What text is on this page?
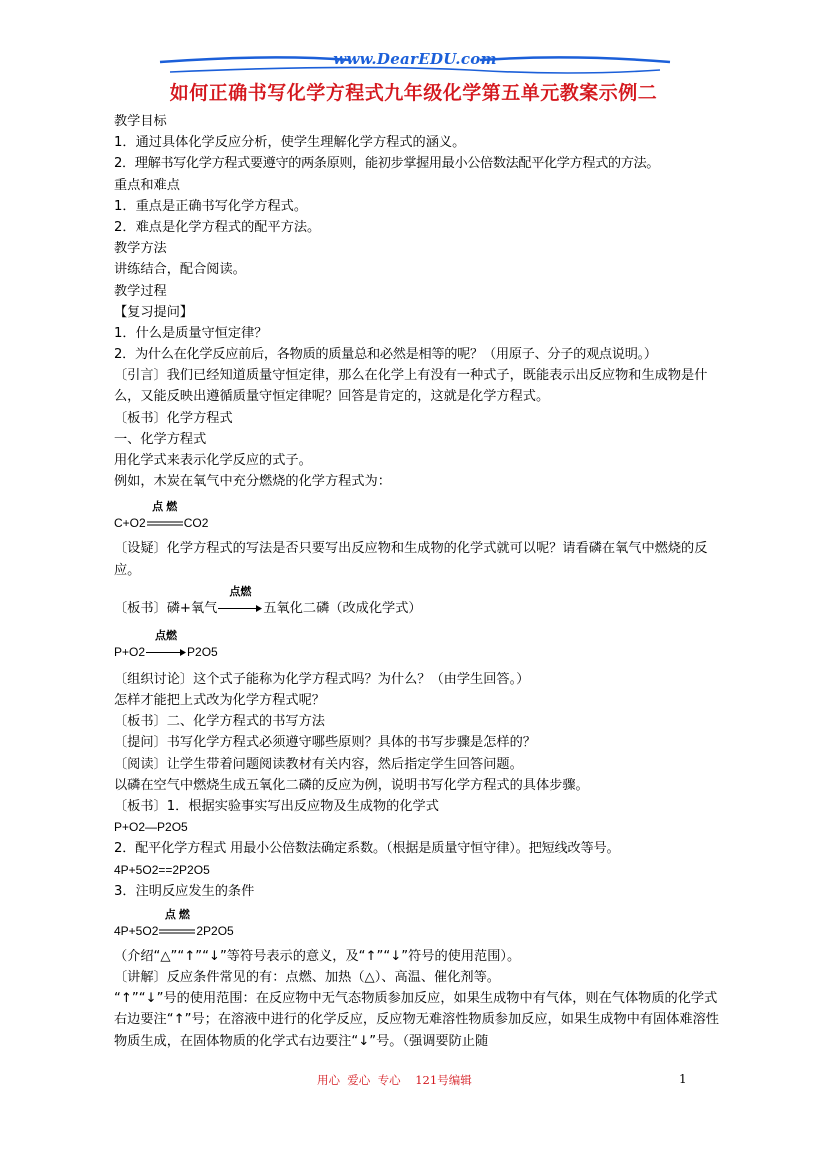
www.DearEDU.com
如何正确书写化学方程式九年级化学第五单元教案示例二
教学目标
1．通过具体化学反应分析，使学生理解化学方程式的涵义。
2．理解书写化学方程式要遵守的两条原则，能初步掌握用最小公倍数法配平化学方程式的方法。
重点和难点
1．重点是正确书写化学方程式。
2．难点是化学方程式的配平方法。
教学方法
讲练结合，配合阅读。
教学过程
【复习提问】
1．什么是质量守恒定律？
2．为什么在化学反应前后，各物质的质量总和必然是相等的呢？（用原子、分子的观点说明。）
〔引言〕我们已经知道质量守恒定律，那么在化学上有没有一种式子，既能表示出反应物和生成物是什么，又能反映出遵循质量守恒定律呢？回答是肯定的，这就是化学方程式。
〔板书〕化学方程式
一、化学方程式
用化学式来表示化学反应的式子。
例如，木炭在氧气中充分燃烧的化学方程式为：
C+O2
点 燃
CO2
〔设疑〕化学方程式的写法是否只要写出反应物和生成物的化学式就可以呢？请看磷在氧气中燃烧的反应。
〔板书〕磷+氧气
点燃
五氧化二磷（改成化学式）
P+O2
点燃
P2O5
〔组织讨论〕这个式子能称为化学方程式吗？为什么？（由学生回答。）
怎样才能把上式改为化学方程式呢？
〔板书〕二、化学方程式的书写方法
〔提问〕书写化学方程式必须遵守哪些原则？具体的书写步骤是怎样的？
〔阅读〕让学生带着问题阅读教材有关内容，然后指定学生回答问题。
以磷在空气中燃烧生成五氧化二磷的反应为例，说明书写化学方程式的具体步骤。
〔板书〕1．根据实验事实写出反应物及生成物的化学式
P+O2—P2O5
2．配平化学方程式 用最小公倍数法确定系数。（根据是质量守恒守律）。把短线改等号。
4P+5O2==2P2O5
3．注明反应发生的条件
4P+5O2
点 燃
2P2O5
（介绍“△”“↑”“↓”等符号表示的意义，及“↑”“↓”符号的使用范围）。
〔讲解〕反应条件常见的有：点燃、加热（△）、高温、催化剂等。
“↑”“↓”号的使用范围：在反应物中无气态物质参加反应，如果生成物中有气体，则在气体物质的化学式右边要注“↑”号；在溶液中进行的化学反应，反应物无难溶性物质参加反应，如果生成物中有固体难溶性物质生成，在固体物质的化学式右边要注“↓”号。（强调要防止随
用心  爱心  专心    121号编辑	1
